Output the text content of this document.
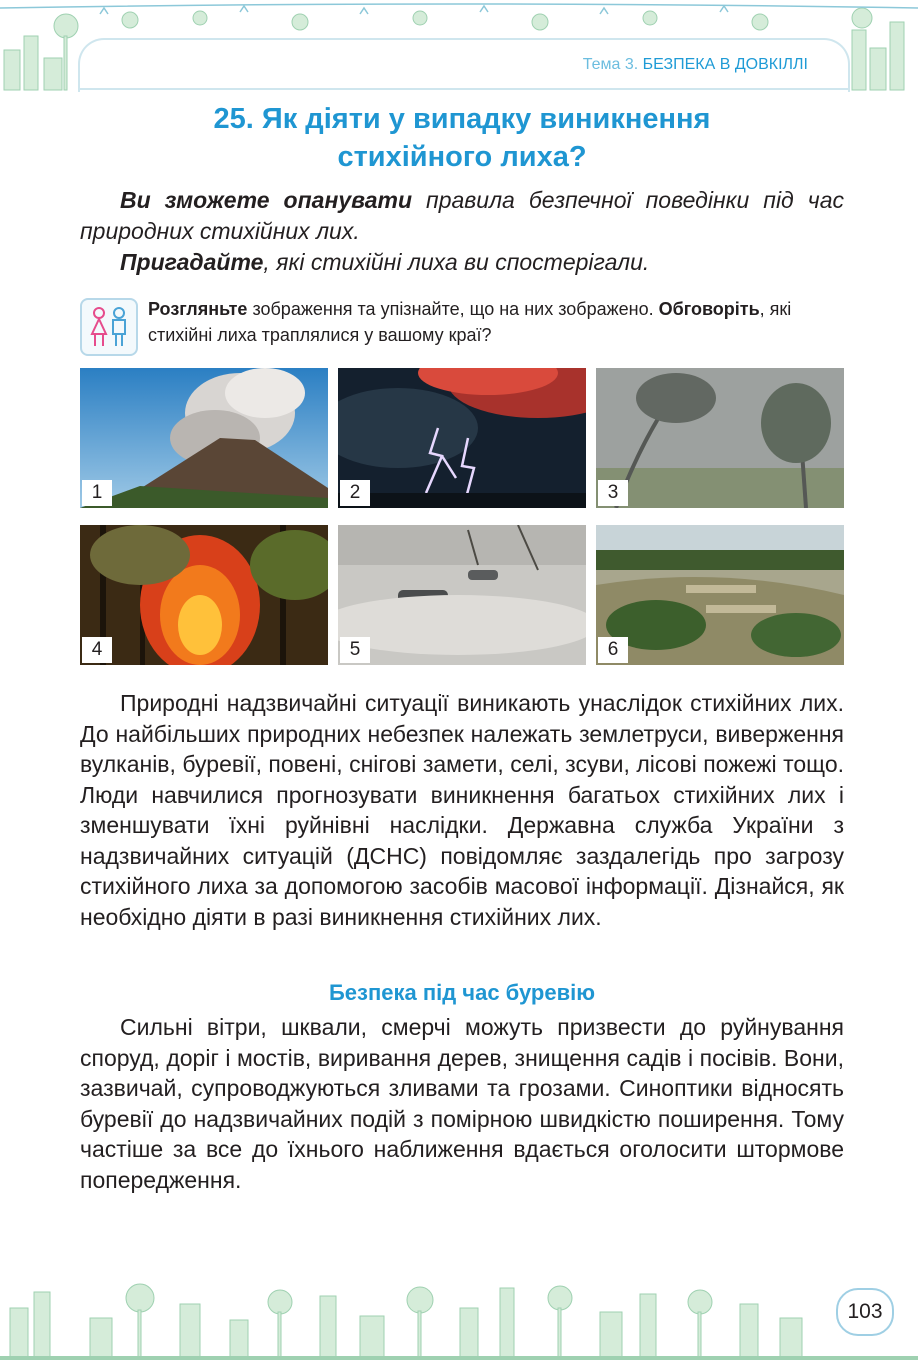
Тема 3. БЕЗПЕКА В ДОВКІЛЛІ
25. Як діяти у випадку виникнення
стихійного лиха?

Ви зможете опанувати правила безпечної поведінки під час природних стихійних лих.

Пригадайте, які стихійні лиха ви спостерігали.

Розгляньте зображення та упізнайте, що на них зображено. Обговоріть, які стихійні лиха траплялися у вашому краї?
1	2	3
4	5	6

Природні надзвичайні ситуації виникають унаслідок стихійних лих. До найбільших природних небезпек належать землетруси, виверження вулканів, буревії, повені, снігові замети, селі, зсуви, лісові пожежі тощо. Люди навчилися прогнозувати виникнення багатьох стихійних лих і зменшувати їхні руйнівні наслідки. Державна служба України з надзвичайних ситуацій (ДСНС) повідомляє заздалегідь про загрозу стихійного лиха за допомогою засобів масової інформації. Дізнайся, як необхідно діяти в разі виникнення стихійних лих.

Безпека під час буревію

Сильні вітри, шквали, смерчі можуть призвести до руйнування споруд, доріг і мостів, виривання дерев, знищення садів і посівів. Вони, зазвичай, супроводжуються зливами та грозами. Синоптики відносять буревії до надзвичайних подій з помірною швидкістю поширення. Тому частіше за все до їхнього наближення вдається оголосити штормове попередження.

103
